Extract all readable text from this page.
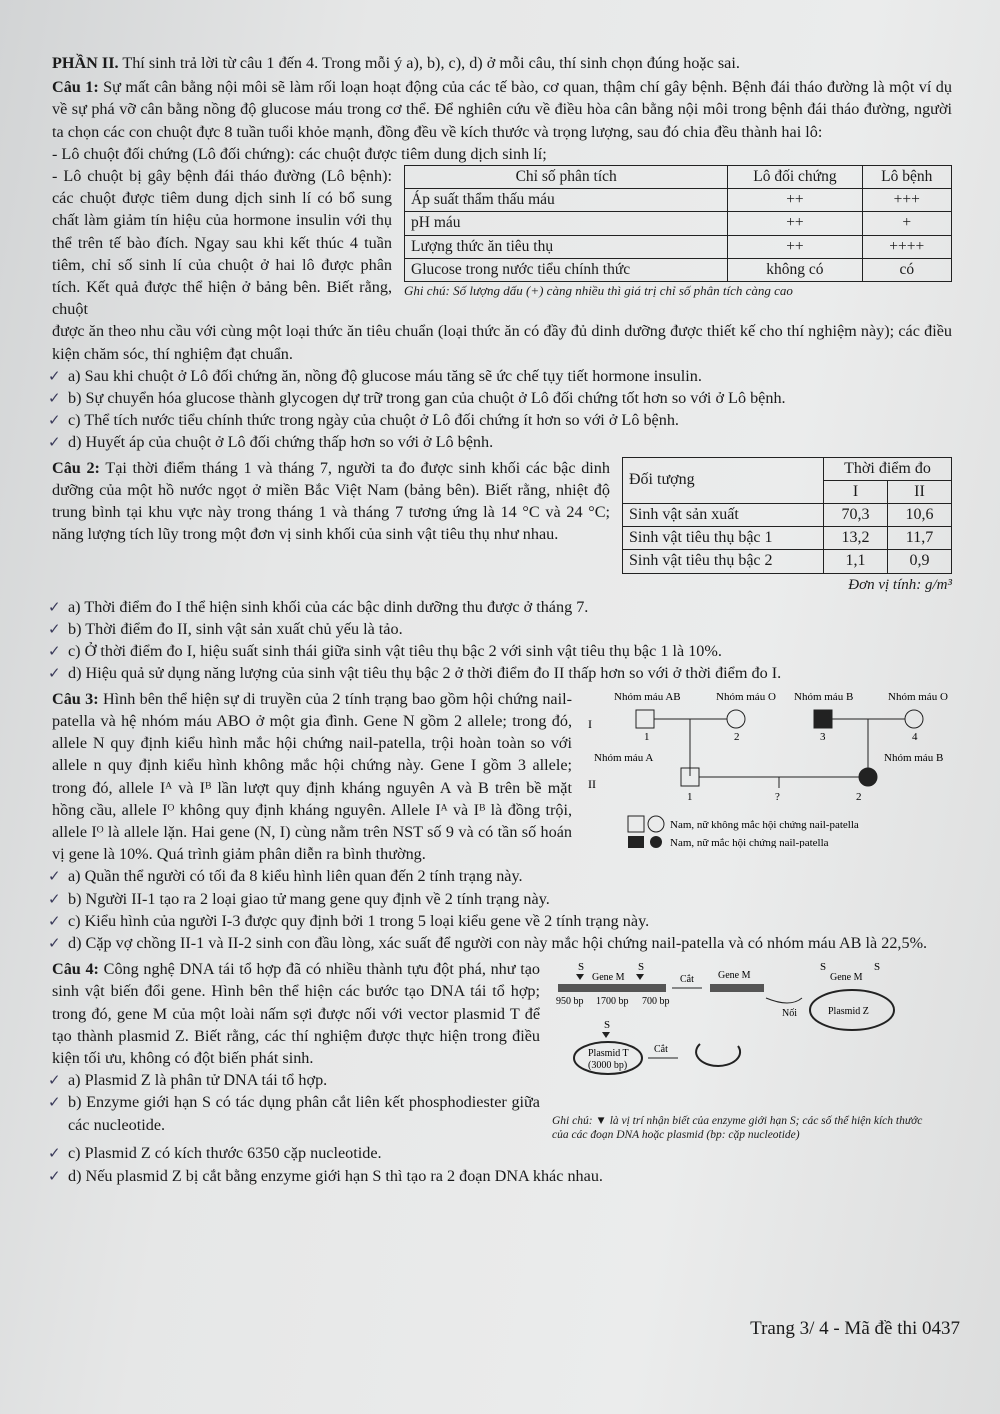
PHẦN II. Thí sinh trả lời từ câu 1 đến 4. Trong mỗi ý a), b), c), d) ở mỗi câu, thí sinh chọn đúng hoặc sai.

Câu 1: Sự mất cân bằng nội môi sẽ làm rối loạn hoạt động của các tế bào, cơ quan, thậm chí gây bệnh. Bệnh đái tháo đường là một ví dụ về sự phá vỡ cân bằng nồng độ glucose máu trong cơ thể. Để nghiên cứu về điều hòa cân bằng nội môi trong bệnh đái tháo đường, người ta chọn các con chuột đực 8 tuần tuổi khỏe mạnh, đồng đều về kích thước và trọng lượng, sau đó chia đều thành hai lô:

- Lô chuột đối chứng (Lô đối chứng): các chuột được tiêm dung dịch sinh lí;

- Lô chuột bị gây bệnh đái tháo đường (Lô bệnh): các chuột được tiêm dung dịch sinh lí có bổ sung chất làm giảm tín hiệu của hormone insulin với thụ thể trên tế bào đích. Ngay sau khi kết thúc 4 tuần tiêm, chỉ số sinh lí của chuột ở hai lô được phân tích. Kết quả được thể hiện ở bảng bên. Biết rằng, chuột
Chỉ số phân tích	Lô đối chứng	Lô bệnh
Áp suất thẩm thấu máu	++	+++
pH máu	++	+
Lượng thức ăn tiêu thụ	++	++++
Glucose trong nước tiểu chính thức	không có	có
Ghi chú: Số lượng dấu (+) càng nhiều thì giá trị chỉ số phân tích càng cao

được ăn theo nhu cầu với cùng một loại thức ăn tiêu chuẩn (loại thức ăn có đầy đủ dinh dưỡng được thiết kế cho thí nghiệm này); các điều kiện chăm sóc, thí nghiệm đạt chuẩn.

✓ a) Sau khi chuột ở Lô đối chứng ăn, nồng độ glucose máu tăng sẽ ức chế tụy tiết hormone insulin.

✓ b) Sự chuyển hóa glucose thành glycogen dự trữ trong gan của chuột ở Lô đối chứng tốt hơn so với ở Lô bệnh.

✓ c) Thể tích nước tiểu chính thức trong ngày của chuột ở Lô đối chứng ít hơn so với ở Lô bệnh.

✓ d) Huyết áp của chuột ở Lô đối chứng thấp hơn so với ở Lô bệnh.

Câu 2: Tại thời điểm tháng 1 và tháng 7, người ta đo được sinh khối các bậc dinh dưỡng của một hồ nước ngọt ở miền Bắc Việt Nam (bảng bên). Biết rằng, nhiệt độ trung bình tại khu vực này trong tháng 1 và tháng 7 tương ứng là 14 °C và 24 °C; năng lượng tích lũy trong một đơn vị sinh khối của sinh vật tiêu thụ như nhau.
Đối tượng	Thời điểm đo	
	I	II
Sinh vật sản xuất	70,3	10,6
Sinh vật tiêu thụ bậc 1	13,2	11,7
Sinh vật tiêu thụ bậc 2	1,1	0,9
Đơn vị tính: g/m³

✓ a) Thời điểm đo I thể hiện sinh khối của các bậc dinh dưỡng thu được ở tháng 7.

✓ b) Thời điểm đo II, sinh vật sản xuất chủ yếu là tảo.

✓ c) Ở thời điểm đo I, hiệu suất sinh thái giữa sinh vật tiêu thụ bậc 2 với sinh vật tiêu thụ bậc 1 là 10%.

✓ d) Hiệu quả sử dụng năng lượng của sinh vật tiêu thụ bậc 2 ở thời điểm đo II thấp hơn so với ở thời điểm đo I.

Câu 3: Hình bên thể hiện sự di truyền của 2 tính trạng bao gồm hội chứng nail-patella và hệ nhóm máu ABO ở một gia đình. Gene N gồm 2 allele; trong đó, allele N quy định kiểu hình mắc hội chứng nail-patella, trội hoàn toàn so với allele n quy định kiểu hình không mắc hội chứng này. Gene I gồm 3 allele; trong đó, allele Iᴬ và Iᴮ lần lượt quy định kháng nguyên A và B trên bề mặt hồng cầu, allele Iᴼ không quy định kháng nguyên. Allele Iᴬ và Iᴮ là đồng trội, allele Iᴼ là allele lặn. Hai gene (N, I) cùng nằm trên NST số 9 và có tần số hoán vị gene là 10%. Quá trình giảm phân diễn ra bình thường.
Nhóm máu AB	Nhóm máu O Nhóm máu B	Nhóm máu O
I
II
1	2	3	4
1	?	2
Nhóm máu A	Nhóm máu B
Nam, nữ không mắc hội chứng nail-patella
Nam, nữ mắc hội chứng nail-patella

✓ a) Quần thể người có tối đa 8 kiểu hình liên quan đến 2 tính trạng này.

✓ b) Người II-1 tạo ra 2 loại giao tử mang gene quy định về 2 tính trạng này.

✓ c) Kiểu hình của người I-3 được quy định bởi 1 trong 5 loại kiểu gene về 2 tính trạng này.

✓ d) Cặp vợ chồng II-1 và II-2 sinh con đầu lòng, xác suất để người con này mắc hội chứng nail-patella và có nhóm máu AB là 22,5%.

Câu 4: Công nghệ DNA tái tổ hợp đã có nhiều thành tựu đột phá, như tạo sinh vật biến đổi gene. Hình bên thể hiện các bước tạo DNA tái tổ hợp; trong đó, gene M của một loài nấm sợi được nối với vector plasmid T để tạo thành plasmid Z. Biết rằng, các thí nghiệm được thực hiện trong điều kiện tối ưu, không có đột biến phát sinh.

✓ a) Plasmid Z là phân tử DNA tái tổ hợp.

✓ b) Enzyme giới hạn S có tác dụng phân cắt liên kết phosphodiester giữa các nucleotide.

S	S
Gene M
950 bp 1700 bp 700 bp
Cắt Gene M
Nối
S	S
Gene M
Plasmid Z
S
Plasmid T
(3000 bp)
Cắt
Ghi chú: ▼ là vị trí nhận biết của enzyme giới hạn S; các số thể hiện kích thước của các đoạn DNA hoặc plasmid (bp: cặp nucleotide)

✓ c) Plasmid Z có kích thước 6350 cặp nucleotide.

✓ d) Nếu plasmid Z bị cắt bằng enzyme giới hạn S thì tạo ra 2 đoạn DNA khác nhau.

Trang 3/ 4 - Mã đề thi 0437
